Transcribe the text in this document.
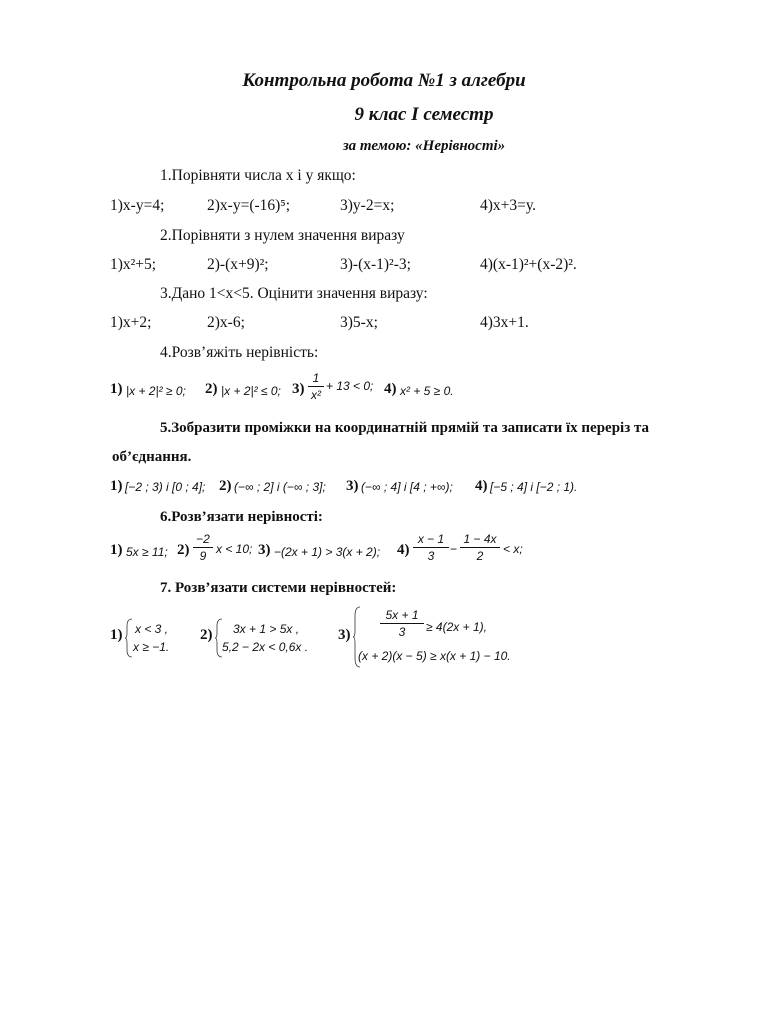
Контрольна робота №1 з алгебри
9 клас І семестр
за темою: «Нерівності»
1.Порівняти числа х і у якщо:
1)х-у=4;	2)х-у=(-16)⁵;	3)у-2=х;	4)х+3=у.
2.Порівняти з нулем значення виразу
1)х²+5;	2)-(х+9)²;	3)-(х-1)²-3;	4)(х-1)²+(х-2)².
3.Дано 1<х<5. Оцінити значення виразу:
1)х+2;	2)х-6;	3)5-х;	4)3х+1.
4.Розв’яжіть нерівність:
1) |x + 2|² ≥ 0; 2) |x + 2|² ≤ 0; 3)
1
x²
+ 13 < 0; 4) x² + 5 ≥ 0.
5.Зобразити проміжки на координатній прямій та записати їх переріз та
об’єднання.
1) [−2 ; 3) і [0 ; 4]; 2) (−∞ ; 2] і (−∞ ; 3]; 3) (−∞ ; 4] і [4 ; +∞); 4) [−5 ; 4] і [−2 ; 1).
6.Розв’язати нерівності:
1) 5x ≥ 11; 2)
−2
9 x < 10; 3) −(2x + 1) > 3(x + 2); 4)
x − 1
3	−
1 − 4x
2	< x;
7. Розв’язати системи нерівностей:
1) x < 3 ,
x ≥ −1.
2) 3x + 1 > 5x ,
5,2 − 2x < 0,6x .
3)
5x + 1
3	≥ 4(2x + 1),
(x + 2)(x − 5) ≥ x(x + 1) − 10.
